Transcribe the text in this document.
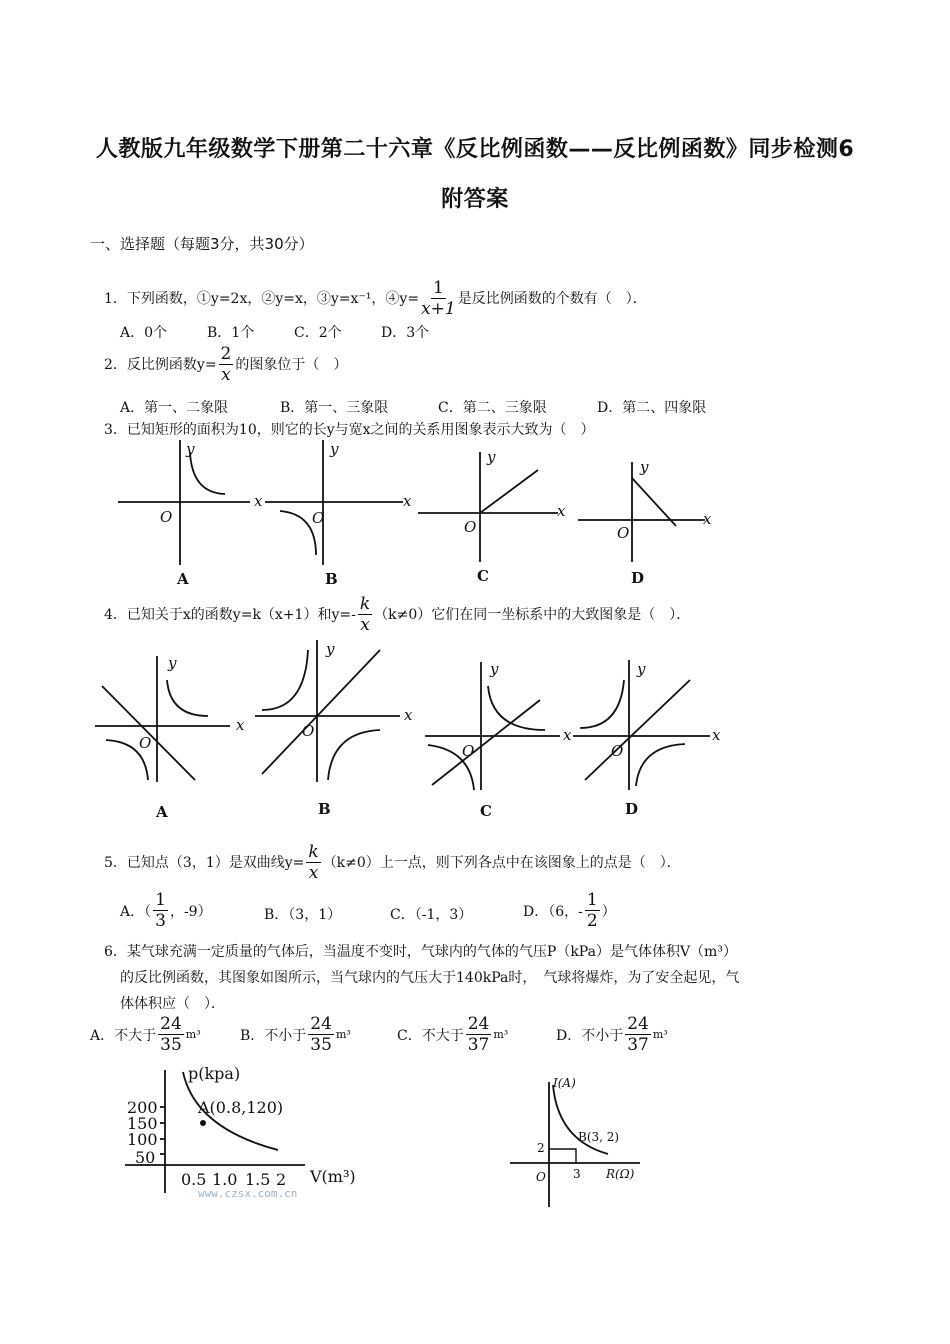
人教版九年级数学下册第二十六章《反比例函数——反比例函数》同步检测6
附答案
一、选择题（每题3分，共30分）
1．下列函数，①y=2x，②y=x，③y=x⁻¹，④y= $\frac{1}{x+1}$ 是反比例函数的个数有（　）．
A．0个	B．1个	C．2个	D．3个
2．反比例函数$y= \frac{2}{x}$ 的图象位于（　）
A．第一、二象限	B．第一、三象限	C．第二、三象限	D．第二、四象限
3．已知矩形的面积为10，则它的长y与宽x之间的关系用图象表示大致为（　）
y
x
O
A
y
x
O
B
y
x
O
C
y
x
O
D
4．已知关于x的函数y=k（x+1）和$y=- \frac{k}{x} (k\ne 0)$它们在同一坐标系中的大致图象是（　）．
y
x
O
A
y
x
O
B
y
x
O
C
y
x
O
D
5．已知点（3，1）是双曲线$y= \frac{k}{x} (k\ne 0)$上一点，则下列各点中在该图象上的点是（　）．
A．（ $\frac{1}{3}$ ，-9）	B．（3，1）	C．（-1，3）	D．（6，- $\frac{1}{2}$ ）
6．某气球充满一定质量的气体后，当温度不变时，气球内的气体的气压P（kPa）是气体体积V（m³）
的反比例函数，其图象如图所示，当气球内的气压大于140kPa时，　气球将爆炸，为了安全起见，气
体体积应（　）．
A．不大于 $\frac{24}{35} m^3$	B．不小于 $\frac{24}{35} m^3$	C．不大于 $\frac{24}{37} m^3$	D．不小于 $\frac{24}{37} m^3$
p(kpa)
200
150
100
50
A(0.8,120)
0.5 1.0 1.5 2 V(m³)
www.czsx.com.cn
I(A)
B(3, 2)
2
O 3 R(Ω)
